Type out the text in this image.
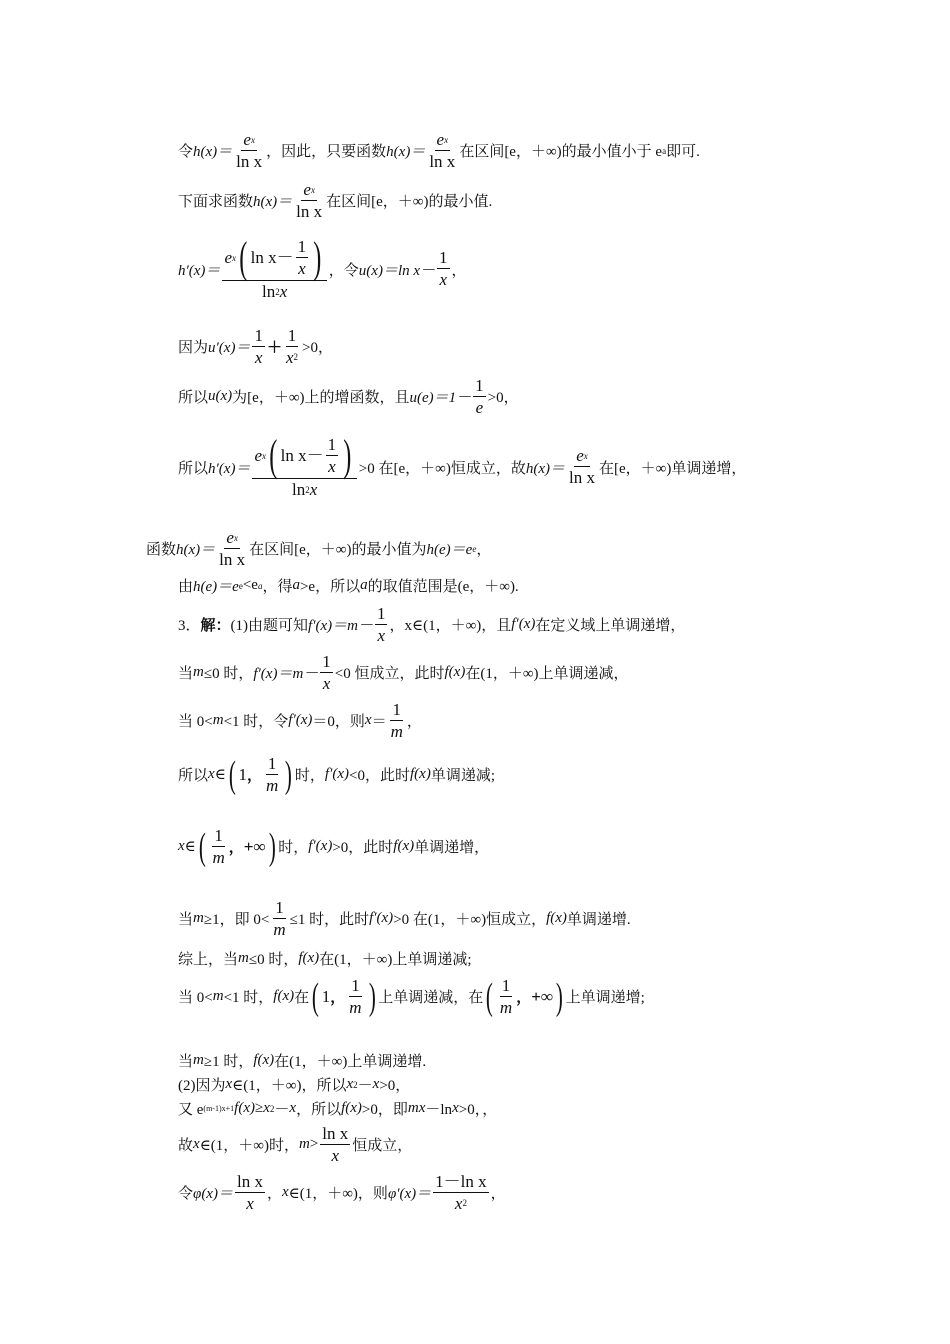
令 $h(x)= \frac{\text{e x}}{\text{ln x}}$ ，因此，只要函数 $h(x)= \frac{\text{e x}}{\text{ln x}}$ 在区间[e，＋∞)的最小值小于 e a 即可.
下面求函数 $h(x)= \frac{\text{e x}}{\text{ln x}}$ 在区间[e，＋∞)的最小值.
h′(x)＝
e x ( $\ln x- \frac{1}{x}$ )
ln 2 x
，令 u(x)＝ln $x- \frac{1}{x}$ ，
因为 $u'(x)= \frac{1}{x} + \frac{1}{x 2} >0$，
所以 u(x) 为[e，＋∞)上的增函数，且 $u(e)=1- \frac{1}{e} >0$，
所以 h′(x)＝
e x ( $\ln x- \frac{1}{x}$ )
ln 2 x
>0 在[e，＋∞)恒成立，故 $h(x)= \frac{\text{e x}}{\text{ln x}}$ 在[e，＋∞)单调递增，
函数 $h(x)= \frac{\text{e x}}{\text{ln x}}$ 在区间[e，＋∞)的最小值为 h(e)＝e e ，
由 h(e)＝e e <e a ，得 a >e，所以 a 的取值范围是(e，＋∞).
3． 解： (1)由题可知 $f'(x)=m- \frac{1}{x}$ ，x∈(1，＋∞)，且 f′(x) 在定义域上单调递增，
当 m ≤0 时， $f'(x)=m- \frac{1}{x} <0$ 恒成立，此时 f(x) 在(1，＋∞)上单调递减，
当 0< m <1 时，令 f′(x) ＝0，则 $x = \frac{1}{m}$ ，
所以 x ∈ ( 1 ， $\frac{1}{m}$ ) 时， f′(x) <0，此时 f(x) 单调递减;
x ∈ ( $\frac{1}{m}$ ， +∞ ) 时， f′(x) >0，此时 f(x) 单调递增，
当 m ≥1，即 $0< \frac{1}{m} \le 1$ 时，此时 f′(x) >0 在(1，＋∞)恒成立， f(x) 单调递增.
综上，当 m ≤0 时， f(x) 在(1，＋∞)上单调递减;
当 0< m <1 时， f(x) 在 ( 1 ， $\frac{1}{m}$ ) 上单调递减，在 ( $\frac{1}{m}$ ， +∞ ) 上单调递增;
当 m ≥1 时， f(x) 在(1，＋∞)上单调递增.
(2)因为 x ∈(1，＋∞)，所以 x 2 － x >0，
又 e (m-1)x+1 f(x) ≥ x 2 － x ，所以 f(x) >0，即 mx －ln x >0，，
故 x ∈(1，＋∞)时， $m > \frac{\text{ln x}}{x}$ 恒成立，
令 $\varphi(x)= \frac{\text{ln x}}{x}$ ， x ∈(1，＋∞)，则 $\varphi'(x)= \frac{\text{1－ln x}}{x 2}$ ，
